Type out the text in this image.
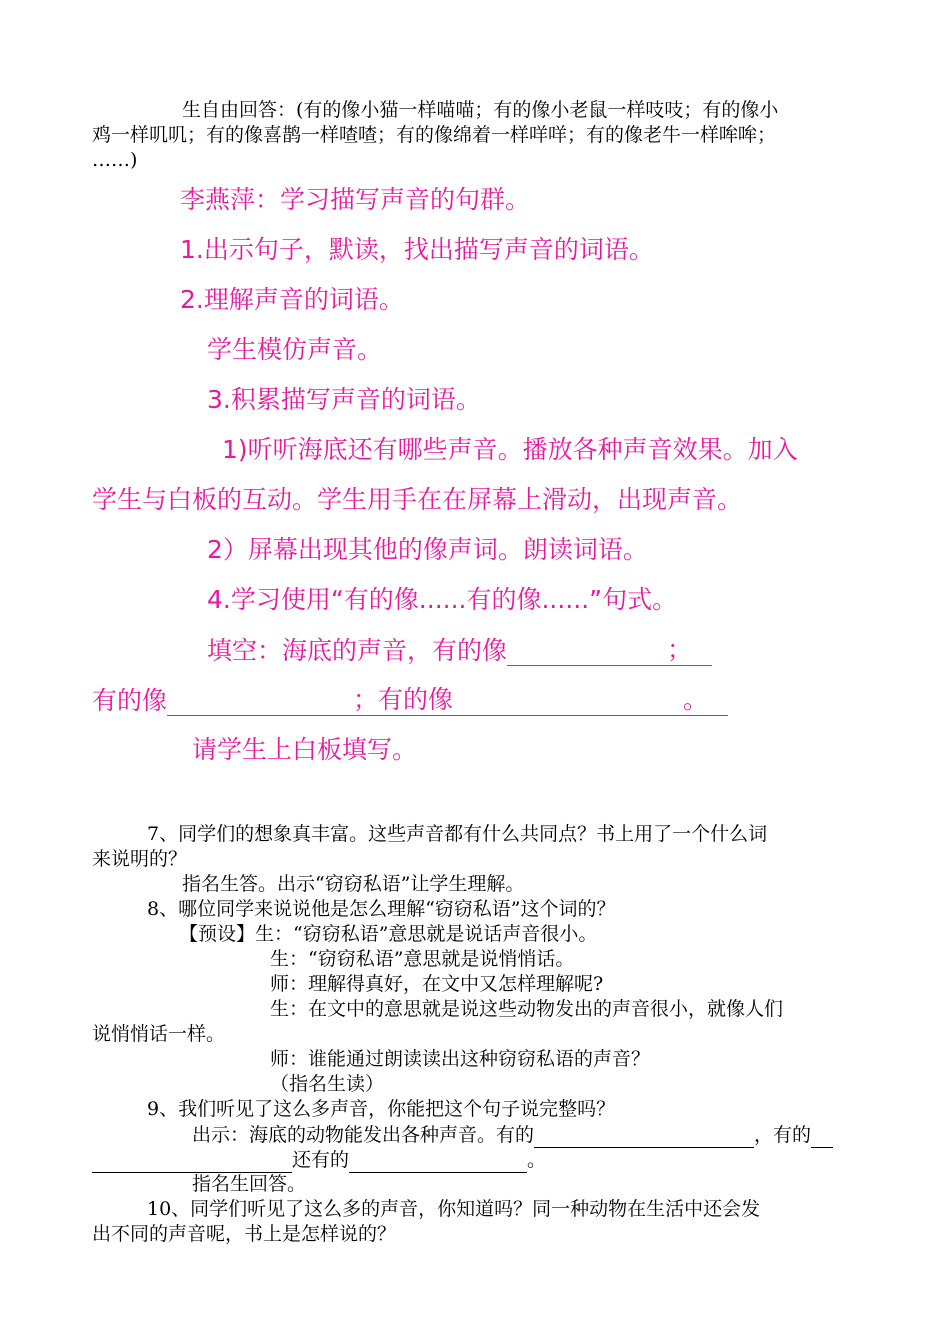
生自由回答：(有的像小猫一样喵喵；有的像小老鼠一样吱吱；有的像小
鸡一样叽叽；有的像喜鹊一样喳喳；有的像绵着一样咩咩；有的像老牛一样哞哞；
……)
李燕萍：学习描写声音的句群。
1.出示句子，默读，找出描写声音的词语。
2.理解声音的词语。
学生模仿声音。
3.积累描写声音的词语。
1)听听海底还有哪些声音。播放各种声音效果。加入
学生与白板的互动。学生用手在在屏幕上滑动，出现声音。
2）屏幕出现其他的像声词。朗读词语。
4.学习使用“有的像......有的像......”句式。
填空：海底的声音，有的像	；
有的像	；有的像	。
请学生上白板填写。
7、同学们的想象真丰富。这些声音都有什么共同点？书上用了一个什么词
来说明的？
指名生答。出示“窃窃私语”让学生理解。
8、哪位同学来说说他是怎么理解“窃窃私语”这个词的？
【预设】生：“窃窃私语”意思就是说话声音很小。
生：“窃窃私语”意思就是说悄悄话。
师：理解得真好，在文中又怎样理解呢?
生：在文中的意思就是说这些动物发出的声音很小，就像人们
说悄悄话一样。
师：谁能通过朗读读出这种窃窃私语的声音？
（指名生读）
9、我们听见了这么多声音，你能把这个句子说完整吗？
出示：海底的动物能发出各种声音。有的	，有的
还有的	。
指名生回答。
10、同学们听见了这么多的声音，你知道吗？同一种动物在生活中还会发
出不同的声音呢，书上是怎样说的？
